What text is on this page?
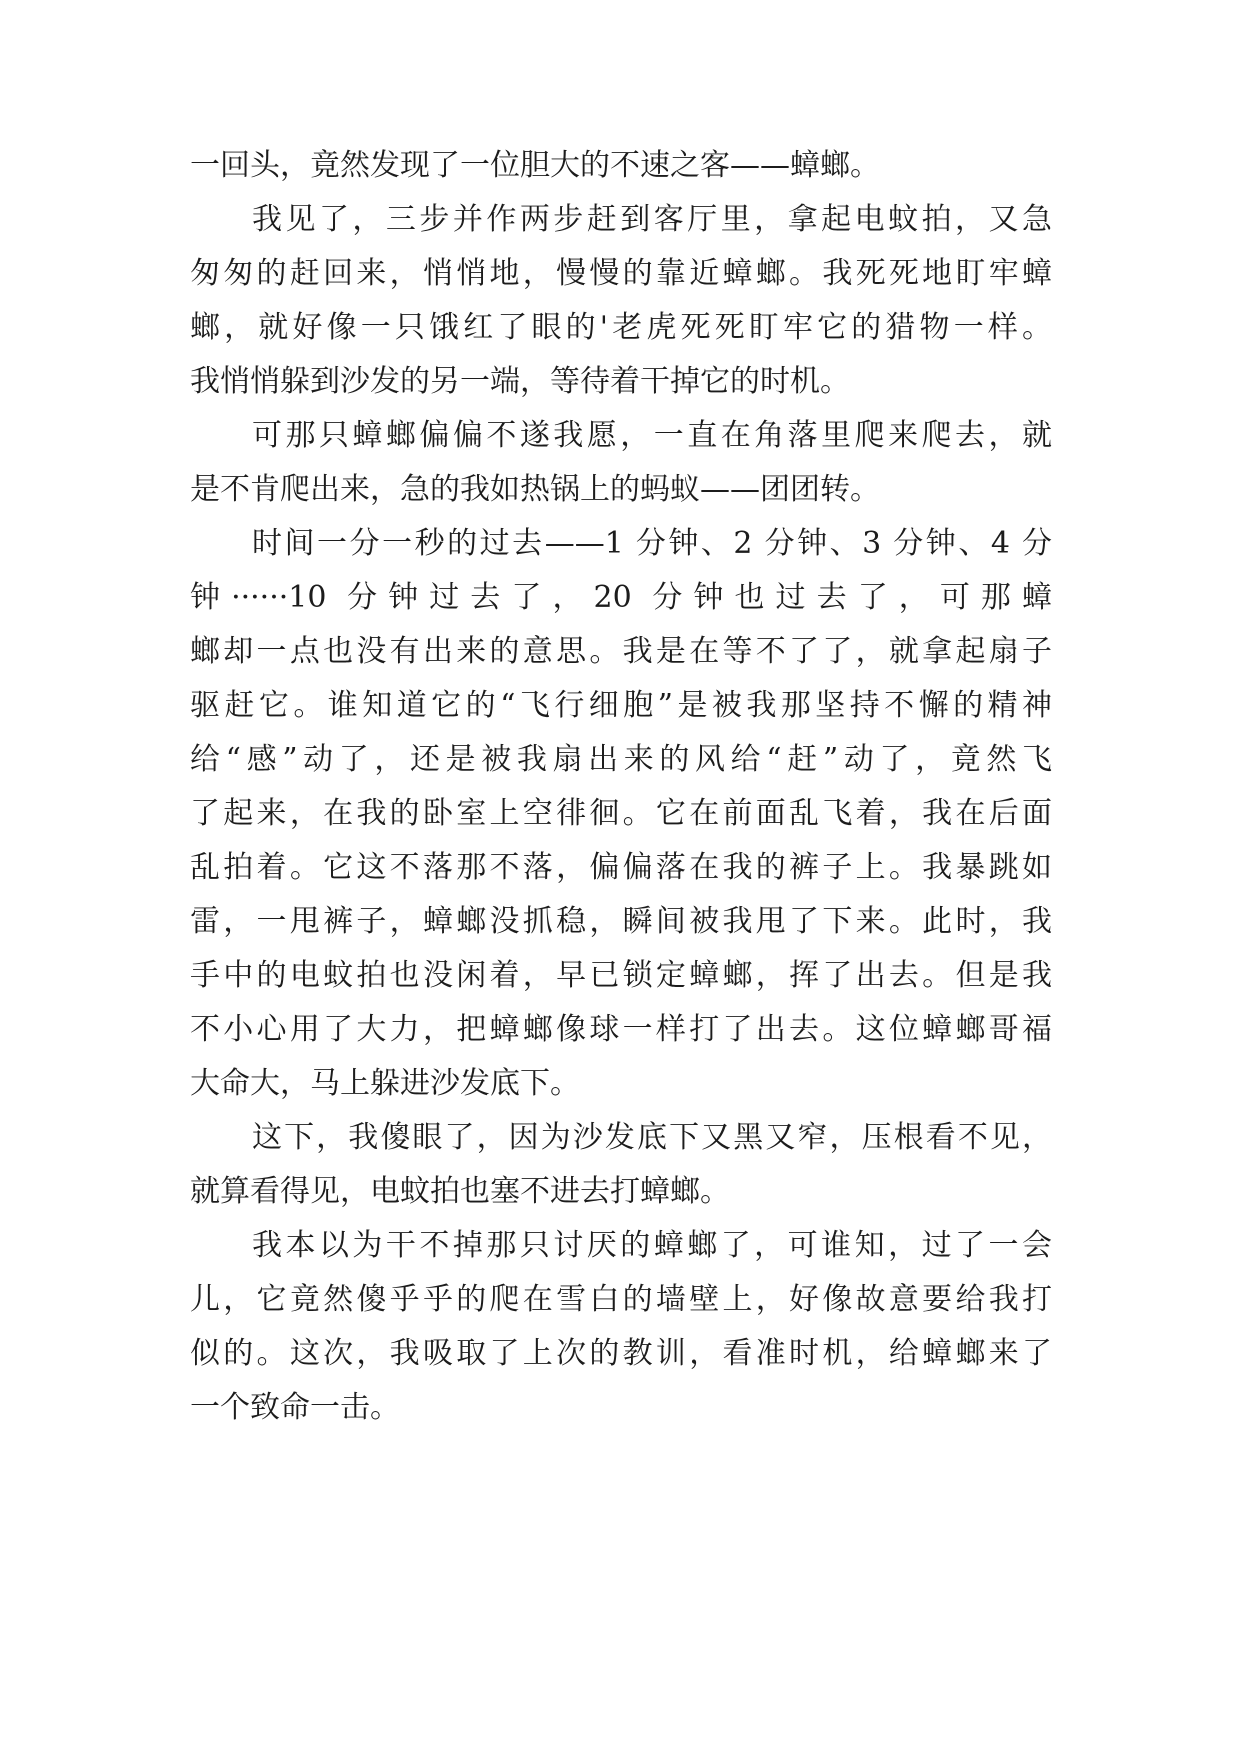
一回头，竟然发现了一位胆大的不速之客——蟑螂。
我见了，三步并作两步赶到客厅里，拿起电蚊拍，又急
匆匆的赶回来，悄悄地，慢慢的靠近蟑螂。我死死地盯牢蟑
螂，就好像一只饿红了眼的'老虎死死盯牢它的猎物一样。
我悄悄躲到沙发的另一端，等待着干掉它的时机。
可那只蟑螂偏偏不遂我愿，一直在角落里爬来爬去，就
是不肯爬出来，急的我如热锅上的蚂蚁——团团转。
时间一分一秒的过去——1 分钟、2 分钟、3 分钟、4 分
钟······10 分钟过去了，20 分钟也过去了，可那蟑
螂却一点也没有出来的意思。我是在等不了了，就拿起扇子
驱赶它。谁知道它的“飞行细胞”是被我那坚持不懈的精神
给“感”动了，还是被我扇出来的风给“赶”动了，竟然飞
了起来，在我的卧室上空徘徊。它在前面乱飞着，我在后面
乱拍着。它这不落那不落，偏偏落在我的裤子上。我暴跳如
雷，一甩裤子，蟑螂没抓稳，瞬间被我甩了下来。此时，我
手中的电蚊拍也没闲着，早已锁定蟑螂，挥了出去。但是我
不小心用了大力，把蟑螂像球一样打了出去。这位蟑螂哥福
大命大，马上躲进沙发底下。
这下，我傻眼了，因为沙发底下又黑又窄，压根看不见，
就算看得见，电蚊拍也塞不进去打蟑螂。
我本以为干不掉那只讨厌的蟑螂了，可谁知，过了一会
儿，它竟然傻乎乎的爬在雪白的墙壁上，好像故意要给我打
似的。这次，我吸取了上次的教训，看准时机，给蟑螂来了
一个致命一击。
